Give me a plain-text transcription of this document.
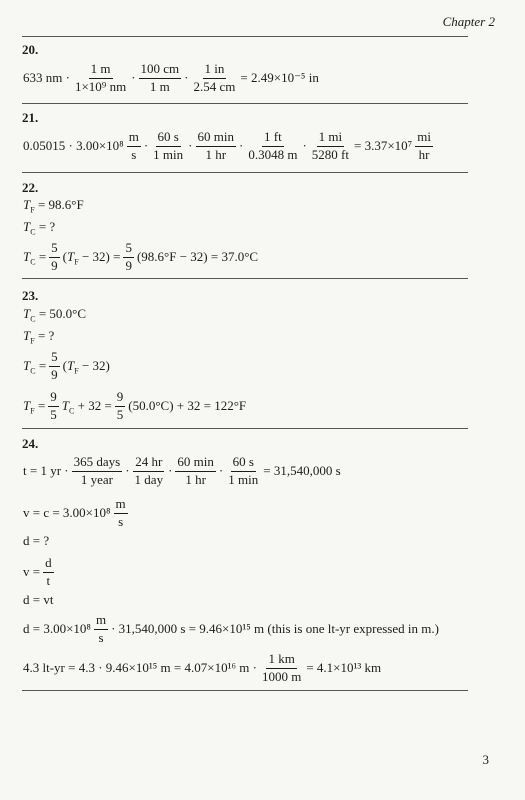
Chapter 2
20.
633 nm · $\frac{1 m}{\text{1×10⁹ nm}} \cdot \frac{100 cm}{1 m} \cdot \frac{1 in}{2.54 cm} = 2.49\times 10^{-5}$ in
21.
$0.05015 \cdot 3.00\times 10^8 \frac{m}{s} \cdot \frac{60 s}{1 \min} \cdot \frac{60 \min}{1 hr} \cdot \frac{1 ft}{0.3048 m} \cdot \frac{1 mi}{5280 ft} = 3.37\times 10^7 \frac{mi}{hr}$
22.
$T_F = 98.6^\circ F$
$T_C$ = ?
$T_C = \frac{5}{9} (T_F - 32) = \frac{5}{9} (98.6^\circ F - 32) = 37.0^\circ C$
23.
$T_C = 50.0^\circ C$
$T_F$ = ?
$T_C = \frac{5}{9} (T_F - 32)$
$T_F = \frac{9}{5} T_C + 32 = \frac{9}{5} (50.0^\circ C) + 32 = 122^\circ F$
24.
t = 1 yr · $\frac{\text{365 days}}{\text{1 year}} \cdot \frac{24 hr}{\text{1 day}} \cdot \frac{60 \min}{1 hr} \cdot \frac{60 s}{1 \min} = 31,540,000$ s
$v = c = 3.00\times 10^8 \frac{m}{s}$
d = ?
$v = \frac{d}{t}$
d = vt
$d = 3.00\times 10^8 \frac{m}{s} \cdot 31,540,000$ s = 9.46×10¹⁵ m (this is one lt-yr expressed in m.)
4.3 lt-yr = 4.3 · 9.46×10¹⁵ m = 4.07×10¹⁶ $m \cdot \frac{1 km}{1000 m} = 4.1\times 10^{13}$ km
3
